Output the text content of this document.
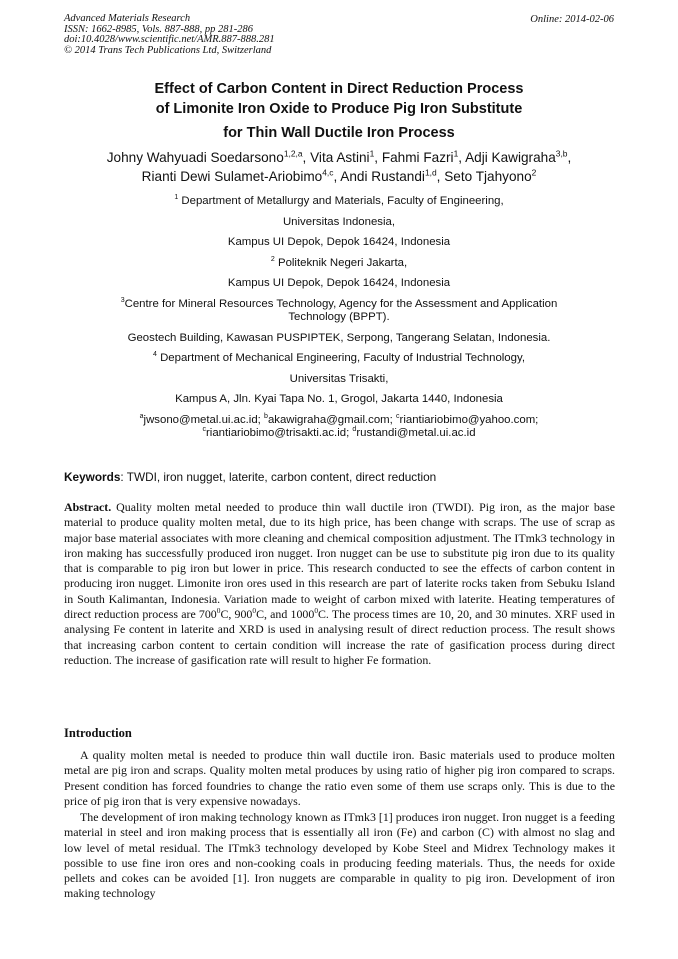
Advanced Materials Research
ISSN: 1662-8985, Vols. 887-888, pp 281-286
doi:10.4028/www.scientific.net/AMR.887-888.281
© 2014 Trans Tech Publications Ltd, Switzerland
Online: 2014-02-06
Effect of Carbon Content in Direct Reduction Process
of Limonite Iron Oxide to Produce Pig Iron Substitute
for Thin Wall Ductile Iron Process
Johny Wahyuadi Soedarsono$^{1,2,a}$, Vita Astini$^1$, Fahmi Fazri$^1$, Adji Kawigraha$^{3,b}$,
Rianti Dewi Sulamet-Ariobimo$^{4,c}$, Andi Rustandi$^{1,d}$, Seto Tjahyono$^2$
$^1$ Department of Metallurgy and Materials, Faculty of Engineering,
Universitas Indonesia,
Kampus UI Depok, Depok 16424, Indonesia
$^2$ Politeknik Negeri Jakarta,
Kampus UI Depok, Depok 16424, Indonesia
$^3$Centre for Mineral Resources Technology, Agency for the Assessment and Application
Technology (BPPT).
Geostech Building, Kawasan PUSPIPTEK, Serpong, Tangerang Selatan, Indonesia.
$^4$ Department of Mechanical Engineering, Faculty of Industrial Technology,
Universitas Trisakti,
Kampus A, Jln. Kyai Tapa No. 1, Grogol, Jakarta 1440, Indonesia
$^a$jwsono@metal.ui.ac.id; $^b$akawigraha@gmail.com; $^c$riantiariobimo@yahoo.com;
$^c$riantiariobimo@trisakti.ac.id; $^d$rustandi@metal.ui.ac.id
Keywords: TWDI, iron nugget, laterite, carbon content, direct reduction
Abstract. Quality molten metal needed to produce thin wall ductile iron (TWDI). Pig iron, as the major base material to produce quality molten metal, due to its high price, has been change with scraps. The use of scrap as major base material associates with more cleaning and chemical composition adjustment. The ITmk3 technology in iron making has successfully produced iron nugget. Iron nugget can be use to substitute pig iron due to its quality that is comparable to pig iron but lower in price. This research conducted to see the effects of carbon content in producing iron nugget. Limonite iron ores used in this research are part of laterite rocks taken from Sebuku Island in South Kalimantan, Indonesia. Variation made to weight of carbon mixed with laterite. Heating temperatures of direct reduction process are $700^0C$, $900^0C$, and 1000$^0$C. The process times are 10, 20, and 30 minutes. XRF used in analysing Fe content in laterite and XRD is used in analysing result of direct reduction process. The result shows that increasing carbon content to certain condition will increase the rate of gasification process during direct reduction. The increase of gasification rate will result to higher Fe formation.
Introduction
A quality molten metal is needed to produce thin wall ductile iron. Basic materials used to produce molten metal are pig iron and scraps. Quality molten metal produces by using ratio of higher pig iron compared to scraps. Present condition has forced foundries to change the ratio even some of them use scraps only. This is due to the price of pig iron that is very expensive nowadays.
The development of iron making technology known as ITmk3 [1] produces iron nugget. Iron nugget is a feeding material in steel and iron making process that is essentially all iron (Fe) and carbon (C) with almost no slag and low level of metal residual. The ITmk3 technology developed by Kobe Steel and Midrex Technology makes it possible to use fine iron ores and non-cooking coals in producing feeding materials. Thus, the needs for oxide pellets and cokes can be avoided [1]. Iron nuggets are comparable in quality to pig iron. Development of iron making technology
